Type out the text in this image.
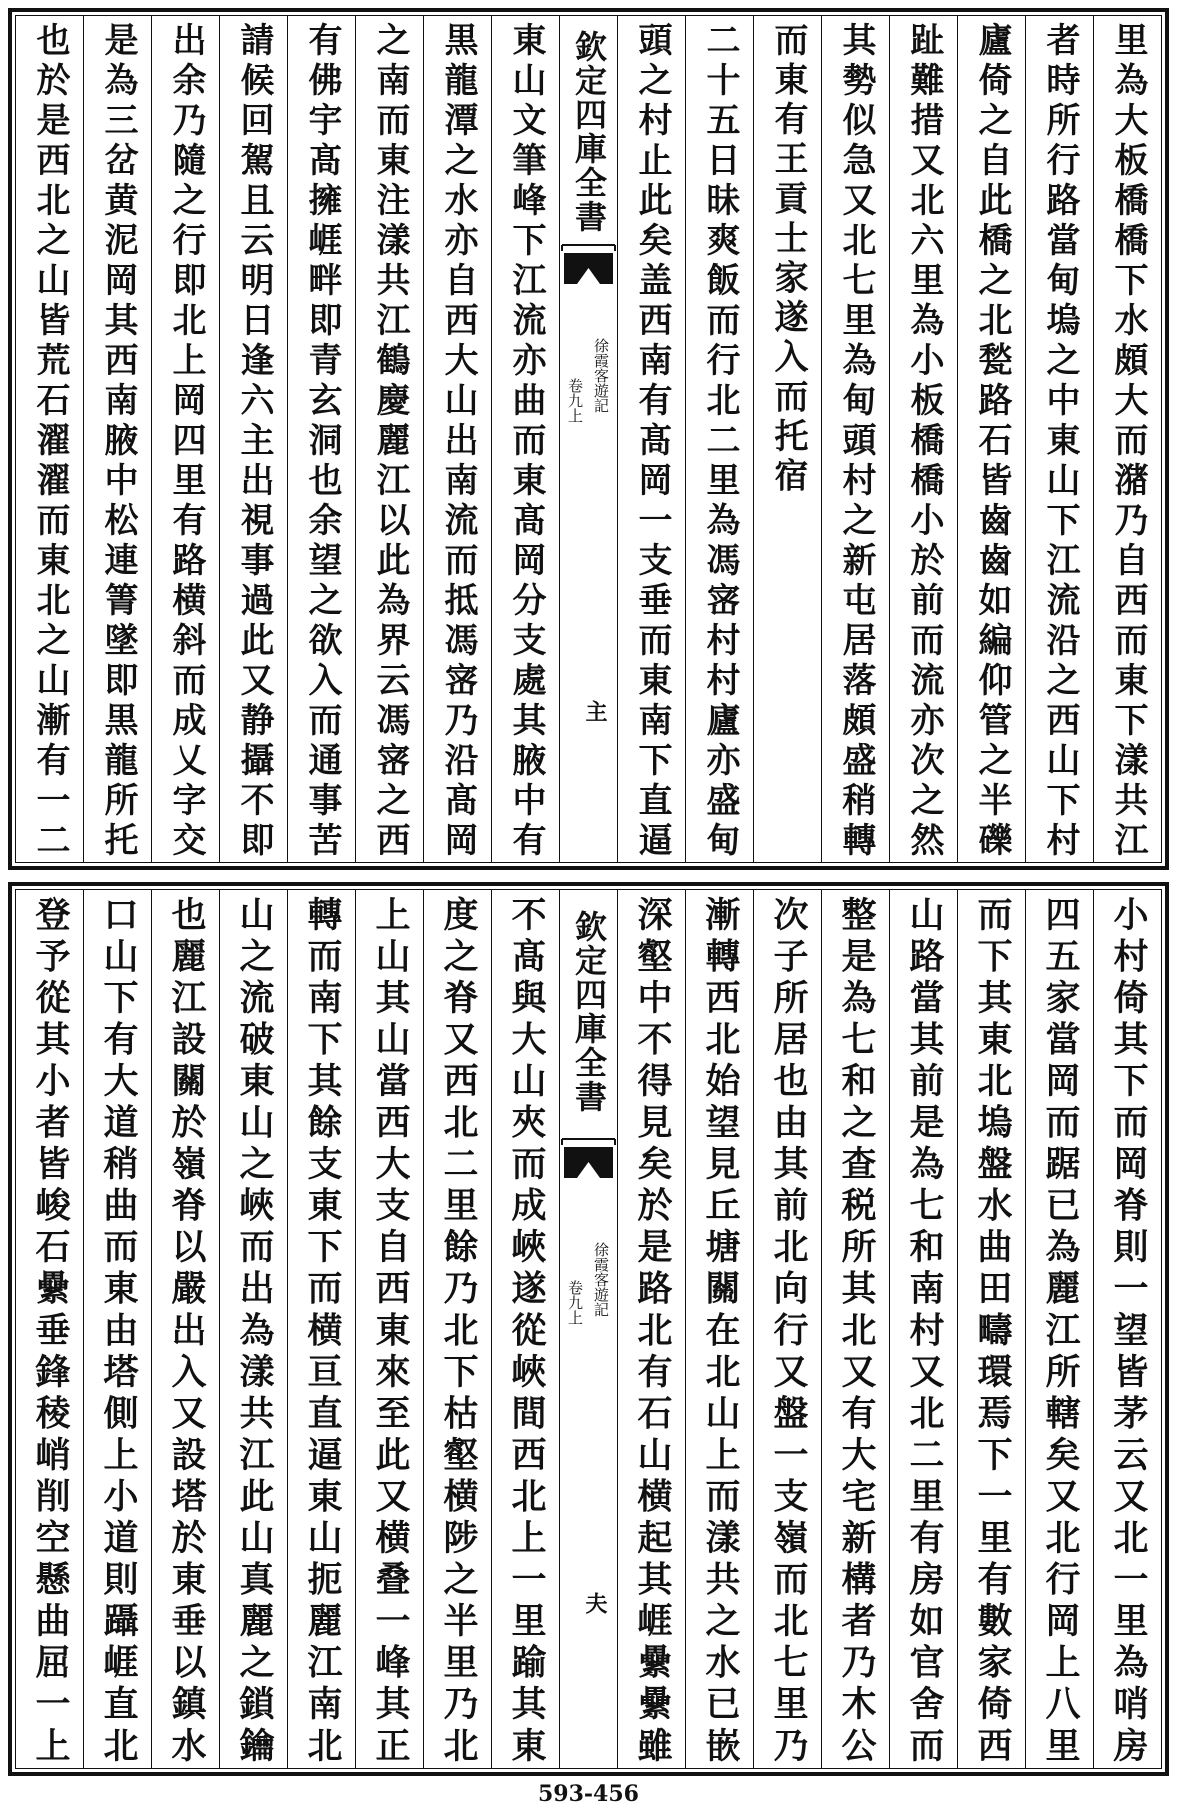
里為大板橋橋下水頗大而潴乃自西而東下漾共江
者時所行路當甸塢之中東山下江流沿之西山下村
廬倚之自此橋之北甃路石皆齒齒如編仰管之半礫
趾難措又北六里為小板橋橋小於前而流亦次之然
其勢似急又北七里為甸頭村之新屯居落頗盛稍轉
而東有王貢士家遂入而托宿
二十五日昧爽飯而行北二里為馮宻村村廬亦盛甸
頭之村止此矣盖西南有髙岡一支垂而東南下直逼
欽定四庫全書
徐霞客遊記
卷九上
主
東山文筆峰下江流亦曲而東髙岡分支處其腋中有
黒龍潭之水亦自西大山出南流而抵馮宻乃沿髙岡
之南而東注漾共江鶴慶麗江以此為界云馮宻之西
有佛宇髙擁崕畔即青玄洞也余望之欲入而通事苦
請候回駕且云明日逢六主出視事過此又静攝不即
出余乃隨之行即北上岡四里有路横斜而成乂字交
是為三岔黄泥岡其西南腋中松連箐墜即黒龍所托
也於是西北之山皆荒石濯濯而東北之山漸有一二
小村倚其下而岡脊則一望皆茅云又北一里為哨房
四五家當岡而踞已為麗江所轄矣又北行岡上八里
而下其東北塢盤水曲田疇環焉下一里有數家倚西
山路當其前是為七和南村又北二里有房如官舍而
整是為七和之查税所其北又有大宅新構者乃木公
次子所居也由其前北向行又盤一支嶺而北七里乃
漸轉西北始望見丘塘關在北山上而漾共之水已嵌
深壑中不得見矣於是路北有石山横起其崕纍纍雖
欽定四庫全書
徐霞客遊記
卷九上
夫
不髙與大山夾而成峽遂從峽間西北上一里踰其東
度之脊又西北二里餘乃北下枯壑横陟之半里乃北
上山其山當西大支自西東來至此又横叠一峰其正
轉而南下其餘支東下而横亘直逼東山扼麗江南北
山之流破東山之峽而出為漾共江此山真麗之鎖鑰
也麗江設關於嶺脊以嚴出入又設塔於東垂以鎮水
口山下有大道稍曲而東由塔側上小道則躡崕直北
登予從其小者皆峻石纍垂鋒稜峭削空懸曲屈一上
593-456
